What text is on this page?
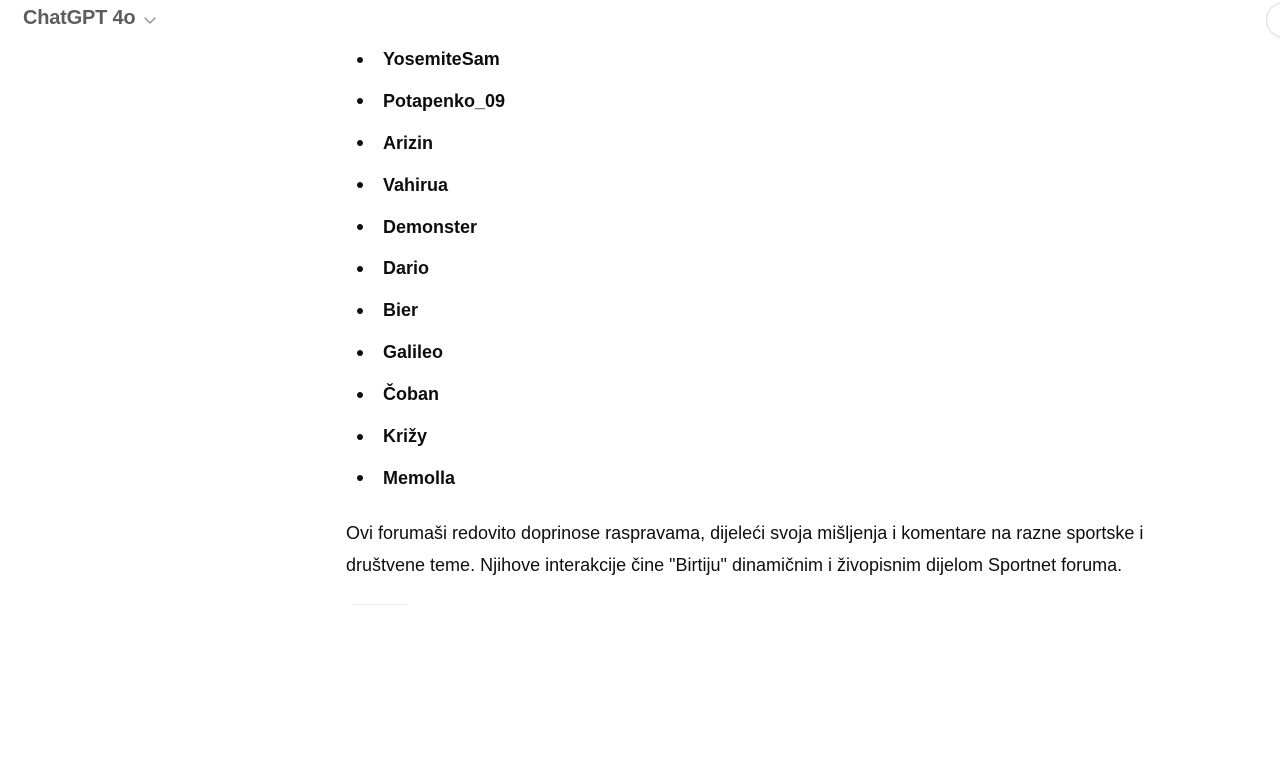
ChatGPT 4o
YosemiteSam
Potapenko_09
Arizin
Vahirua
Demonster
Dario
Bier
Galileo
Čoban
Križy
Memolla

Ovi forumaši redovito doprinose raspravama, dijeleći svoja mišljenja i komentare na razne sportske i društvene teme. Njihove interakcije čine "Birtiju" dinamičnim i živopisnim dijelom Sportnet foruma.
